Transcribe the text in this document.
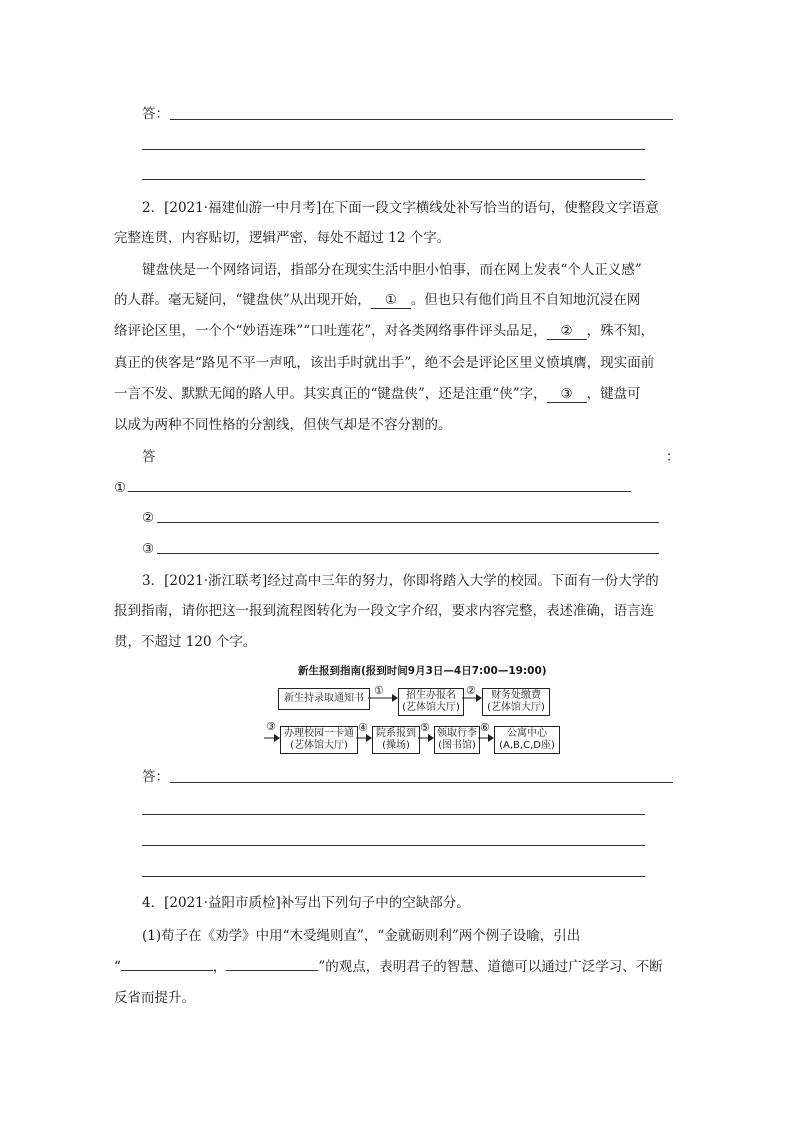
答：
2．[2021·福建仙游一中月考]在下面一段文字横线处补写恰当的语句，使整段文字语意
完整连贯，内容贴切，逻辑严密，每处不超过 12 个字。
键盘侠是一个网络词语，指部分在现实生活中胆小怕事，而在网上发表“个人正义感”
的人群。毫无疑问，“键盘侠”从出现开始， ① 。但也只有他们尚且不自知地沉浸在网
络评论区里，一个个“妙语连珠”“口吐莲花”，对各类网络事件评头品足， ② ，殊不知，
真正的侠客是“路见不平一声吼，该出手时就出手”，绝不会是评论区里义愤填膺，现实面前
一言不发、默默无闻的路人甲。其实真正的“键盘侠”，还是注重“侠”字， ③ ，键盘可
以成为两种不同性格的分割线，但侠气却是不容分割的。
答	：
①
②
③
3．[2021·浙江联考]经过高中三年的努力，你即将踏入大学的校园。下面有一份大学的
报到指南，请你把这一报到流程图转化为一段文字介绍，要求内容完整，表述准确，语言连
贯，不超过 120 个字。
新生报到指南(报到时间9月3日—4日7:00—19:00)
新生持录取通知书
①	招生办报名
(艺体馆大厅)
②	财务处缴费
(艺体馆大厅)
③
办理校园一卡通
(艺体馆大厅)
④ 院系报到
(操场)
⑤ 领取行李
(图书馆)
⑥	公寓中心
(A,B,C,D座)
答：
4．[2021·益阳市质检]补写出下列句子中的空缺部分。
(1)荀子在《劝学》中用“木受绳则直”，“金就砺则利”两个例子设喻，引出
“	，	”的观点，表明君子的智慧、道德可以通过广泛学习、不断
反省而提升。
